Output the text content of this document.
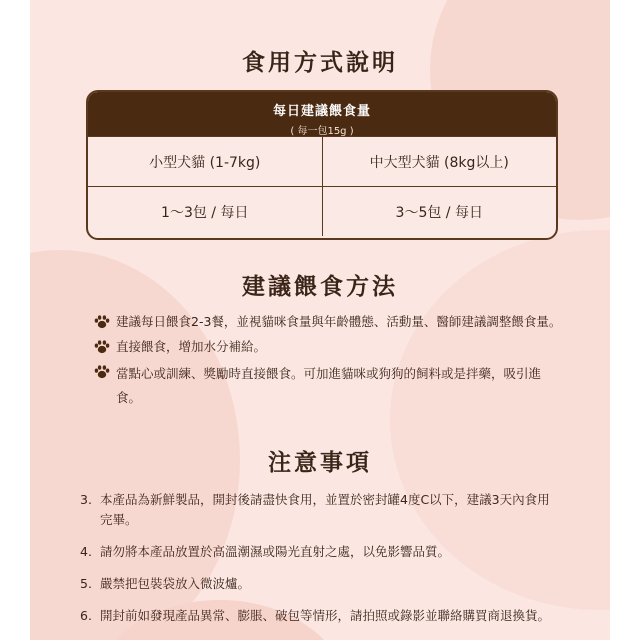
食用方式說明
每日建議餵食量
( 每一包15g )
小型犬貓 (1-7kg)	中大型犬貓 (8kg以上)
1～3包 / 每日	3～5包 / 每日
建議餵食方法
建議每日餵食2-3餐，並視貓咪食量與年齡體態、活動量、醫師建議調整餵食量。
直接餵食，增加水分補給。
當點心或訓練、獎勵時直接餵食。可加進貓咪或狗狗的飼料或是拌藥，吸引進食。
注意事項
3. 本產品為新鮮製品，開封後請盡快食用，並置於密封罐4度C以下，建議3天內食用完畢。
4. 請勿將本產品放置於高溫潮濕或陽光直射之處，以免影響品質。
5. 嚴禁把包裝袋放入微波爐。
6. 開封前如發現產品異常、膨脹、破包等情形，請拍照或錄影並聯絡購買商退換貨。
